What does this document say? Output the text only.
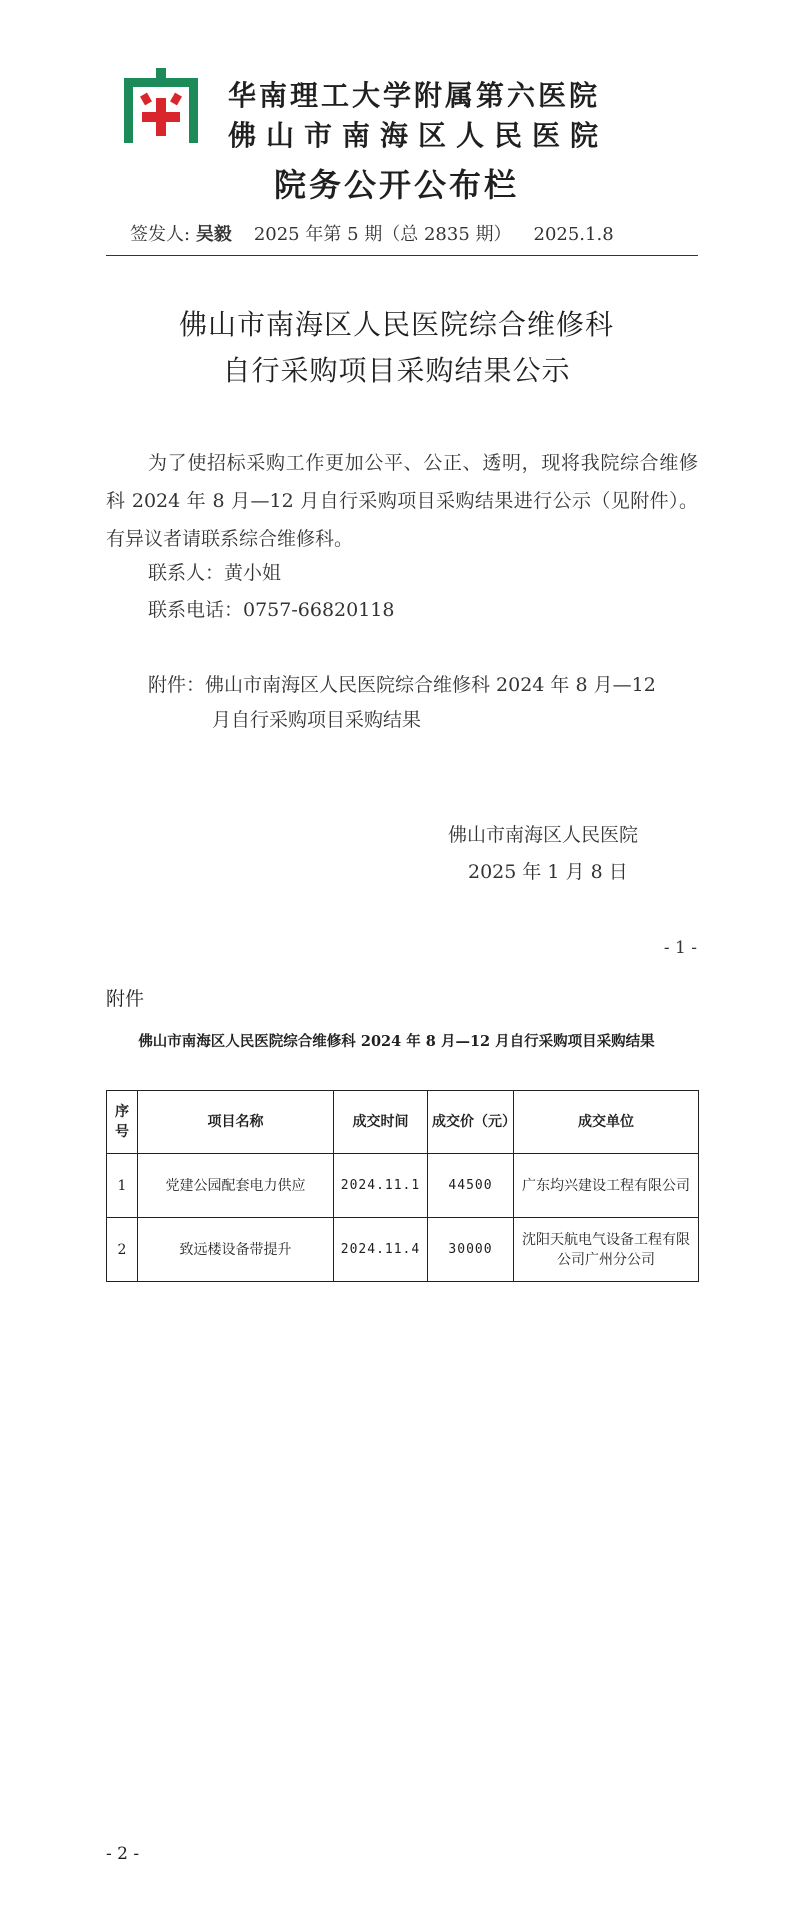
华南理工大学附属第六医院
佛山市南海区人民医院
院务公开公布栏
签发人: 吴毅 2025 年第 5 期（总 2835 期） 2025.1.8
佛山市南海区人民医院综合维修科
自行采购项目采购结果公示
为了使招标采购工作更加公平、公正、透明，现将我院综合维修科 2024 年 8 月—12 月自行采购项目采购结果进行公示（见附件）。有异议者请联系综合维修科。
联系人：黄小姐
联系电话：0757-66820118
附件：佛山市南海区人民医院综合维修科 2024 年 8 月—12
月自行采购项目采购结果
佛山市南海区人民医院
2025 年 1 月 8 日
- 1 -
附件
佛山市南海区人民医院综合维修科 2024 年 8 月—12 月自行采购项目采购结果
序号	项目名称	成交时间	成交价（元）	成交单位
1	党建公园配套电力供应	2024.11.1	44500	广东均兴建设工程有限公司
2	致远楼设备带提升	2024.11.4	30000	沈阳天航电气设备工程有限公司广州分公司
- 2 -
